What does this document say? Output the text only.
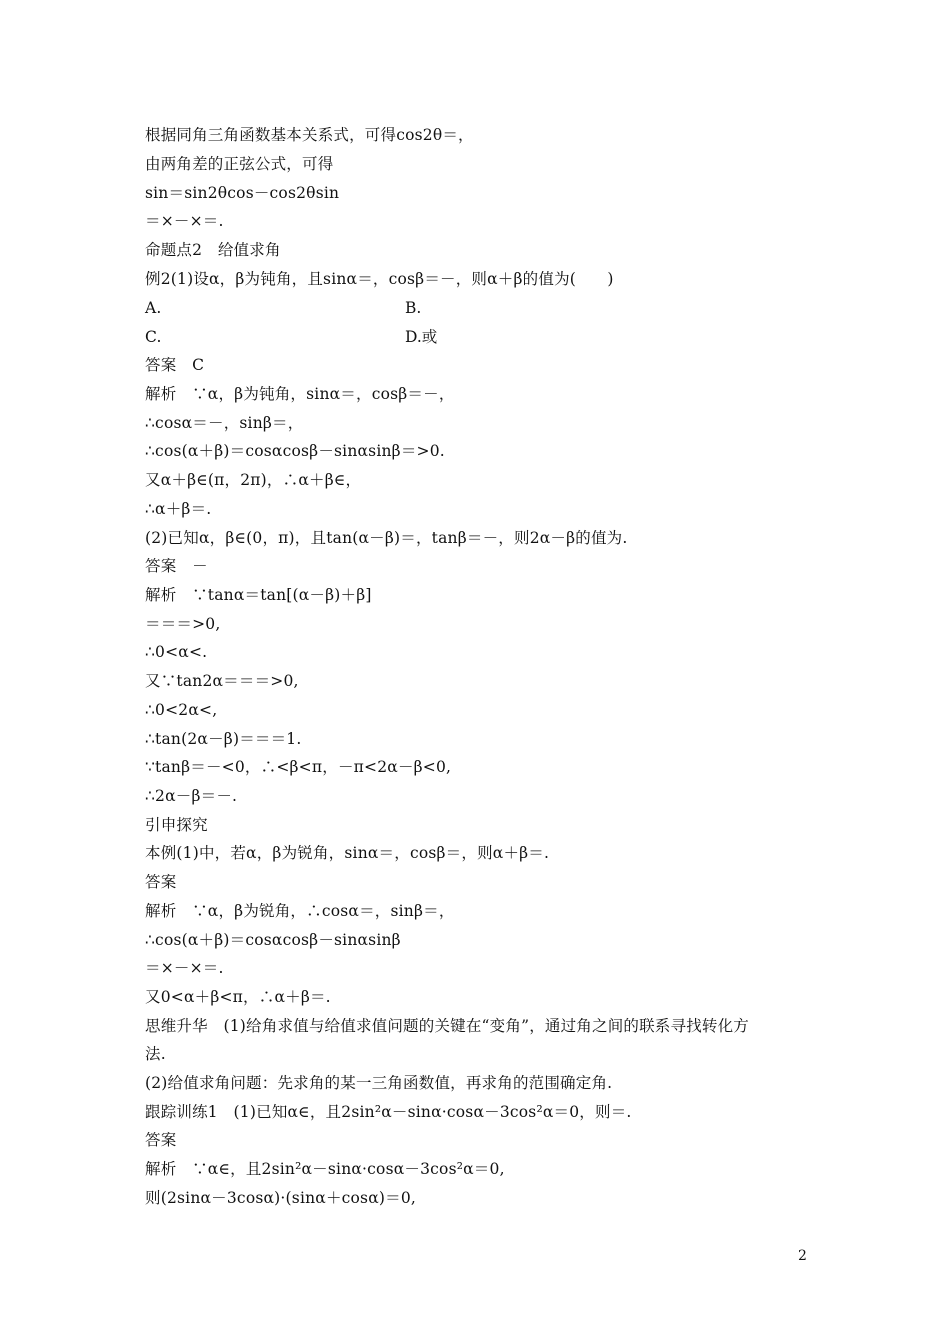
根据同角三角函数基本关系式，可得cos2θ＝，
由两角差的正弦公式，可得
sin＝sin2θcos－cos2θsin
＝×－×＝.
命题点2　给值求角
例2(1)设α，β为钝角，且sinα＝，cosβ＝－，则α＋β的值为(　　)
A.	B.
C.	D.或
答案　C
解析　∵α，β为钝角，sinα＝，cosβ＝－，
∴cosα＝－，sinβ＝，
∴cos(α＋β)＝cosαcosβ－sinαsinβ＝>0.
又α＋β∈(π，2π)，∴α＋β∈，
∴α＋β＝.
(2)已知α，β∈(0，π)，且tan(α－β)＝，tanβ＝－，则2α－β的值为.
答案　－
解析　∵tanα＝tan[(α－β)＋β]
＝＝＝>0,
∴0<α<.
又∵tan2α＝＝＝>0,
∴0<2α<,
∴tan(2α－β)＝＝＝1.
∵tanβ＝－<0，∴<β<π，－π<2α－β<0,
∴2α－β＝－.
引申探究
本例(1)中，若α，β为锐角，sinα＝，cosβ＝，则α＋β＝.
答案
解析　∵α，β为锐角，∴cosα＝，sinβ＝，
∴cos(α＋β)＝cosαcosβ－sinαsinβ
＝×－×＝.
又0<α＋β<π，∴α＋β＝.
思维升华　(1)给角求值与给值求值问题的关键在“变角”，通过角之间的联系寻找转化方
法.
(2)给值求角问题：先求角的某一三角函数值，再求角的范围确定角.
跟踪训练1　(1)已知α∈，且2sin²α－sinα·cosα－3cos²α＝0，则＝.
答案
解析　∵α∈，且2sin²α－sinα·cosα－3cos²α＝0,
则(2sinα－3cosα)·(sinα＋cosα)＝0,
2
